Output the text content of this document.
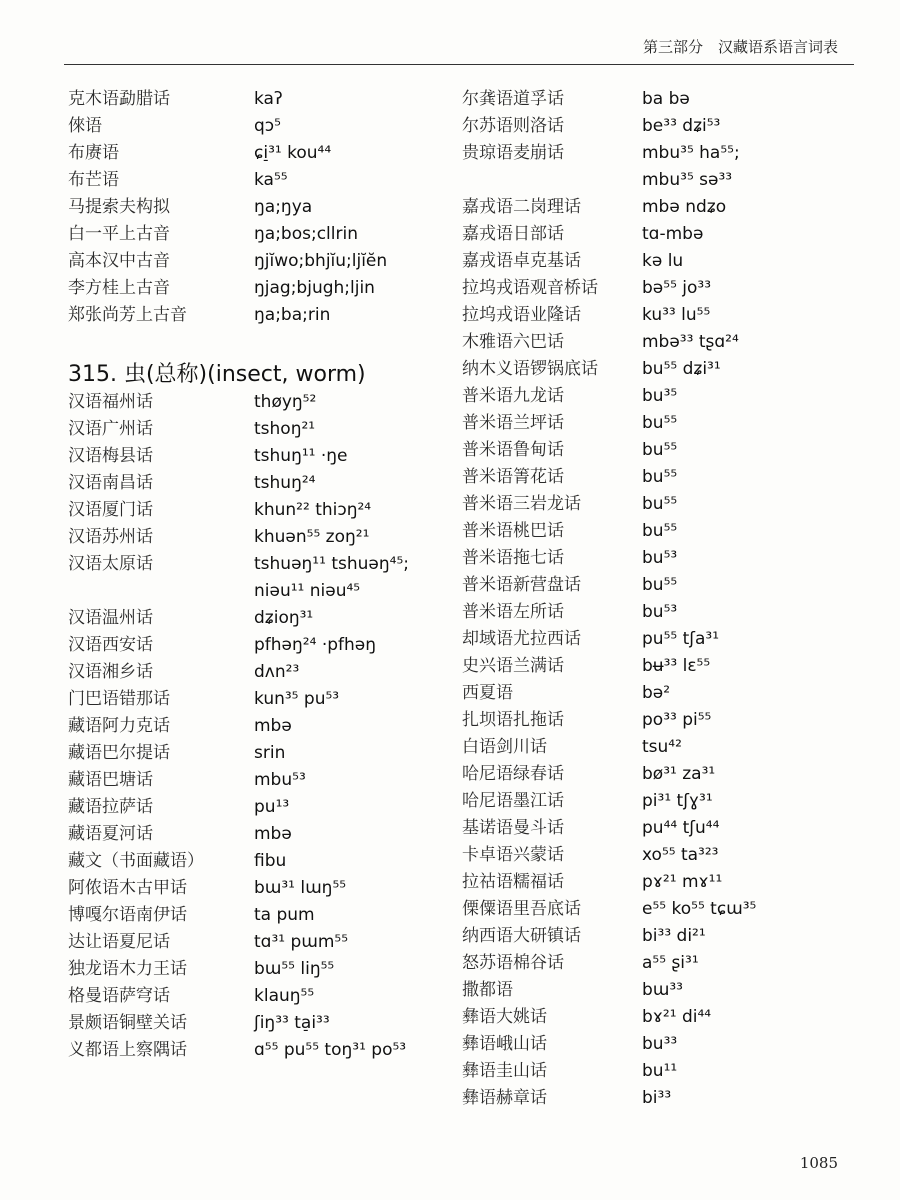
第三部分　汉藏语系语言词表
克木语勐腊话	kaʔ
倈语	qɔ⁵
布赓语	ɕi̠³¹ kou⁴⁴
布芒语	ka⁵⁵
马提索夫构拟	ŋa;ŋya
白一平上古音	ŋa;bos;cllrin
高本汉中古音	ŋjĭwo;bhjĭu;ljĭĕn
李方桂上古音	ŋjag;bjugh;ljin
郑张尚芳上古音	ŋa;ba;rin
315. 虫(总称)(insect, worm)
汉语福州话	thøyŋ⁵²
汉语广州话	tshoŋ²¹
汉语梅县话	tshuŋ¹¹ ·ŋe
汉语南昌话	tshuŋ²⁴
汉语厦门话	khun²² thiɔŋ²⁴
汉语苏州话	khuən⁵⁵ zoŋ²¹
汉语太原话	tshuəŋ¹¹ tshuəŋ⁴⁵;
niəu¹¹ niəu⁴⁵
汉语温州话	dʑioŋ³¹
汉语西安话	pfhəŋ²⁴ ·pfhəŋ
汉语湘乡话	dʌn²³
门巴语错那话	kun³⁵ pu⁵³
藏语阿力克话	mbə
藏语巴尔提话	srin
藏语巴塘话	mbu⁵³
藏语拉萨话	pu¹³
藏语夏河话	mbə
藏文（书面藏语）	fibu
阿侬语木古甲话	bɯ³¹ lɯŋ⁵⁵
博嘎尔语南伊话	ta pum
达让语夏尼话	tɑ³¹ pɯm⁵⁵
独龙语木力王话	bɯ⁵⁵ liŋ⁵⁵
格曼语萨穹话	klauŋ⁵⁵
景颇语铜壁关话	ʃiŋ³³ ta̠i³³
义都语上察隅话	ɑ⁵⁵ pu⁵⁵ toŋ³¹ po⁵³
尔龚语道孚话	ba bə
尔苏语则洛话	be³³ dʑi⁵³
贵琼语麦崩话	mbu³⁵ ha⁵⁵;
mbu³⁵ sə³³
嘉戎语二岗理话	mbə ndʑo
嘉戎语日部话	tɑ-mbə
嘉戎语卓克基话	kə lu
拉坞戎语观音桥话	bə⁵⁵ jo³³
拉坞戎语业隆话	ku³³ lu⁵⁵
木雅语六巴话	mbə³³ tʂɑ²⁴
纳木义语锣锅底话	bu⁵⁵ dʑi³¹
普米语九龙话	bu³⁵
普米语兰坪话	bu⁵⁵
普米语鲁甸话	bu⁵⁵
普米语箐花话	bu⁵⁵
普米语三岩龙话	bu⁵⁵
普米语桃巴话	bu⁵⁵
普米语拖七话	bu⁵³
普米语新营盘话	bu⁵⁵
普米语左所话	bu⁵³
却域语尤拉西话	pu⁵⁵ tʃa³¹
史兴语兰满话	bʉ³³ lɛ⁵⁵
西夏语	bə²
扎坝语扎拖话	po³³ pi⁵⁵
白语剑川话	tsu⁴²
哈尼语绿春话	bø³¹ za³¹
哈尼语墨江话	pi³¹ tʃɣ³¹
基诺语曼斗话	pu⁴⁴ tʃu⁴⁴
卡卓语兴蒙话	xo⁵⁵ ta³²³
拉祜语糯福话	pɤ²¹ mɤ¹¹
傈僳语里吾底话	e⁵⁵ ko⁵⁵ tɕɯ³⁵
纳西语大研镇话	bi³³ di²¹
怒苏语棉谷话	a⁵⁵ ʂi³¹
撒都语	bɯ³³
彝语大姚话	bɤ²¹ di⁴⁴
彝语峨山话	bu³³
彝语圭山话	bu¹¹
彝语赫章话	bi³³
1085
